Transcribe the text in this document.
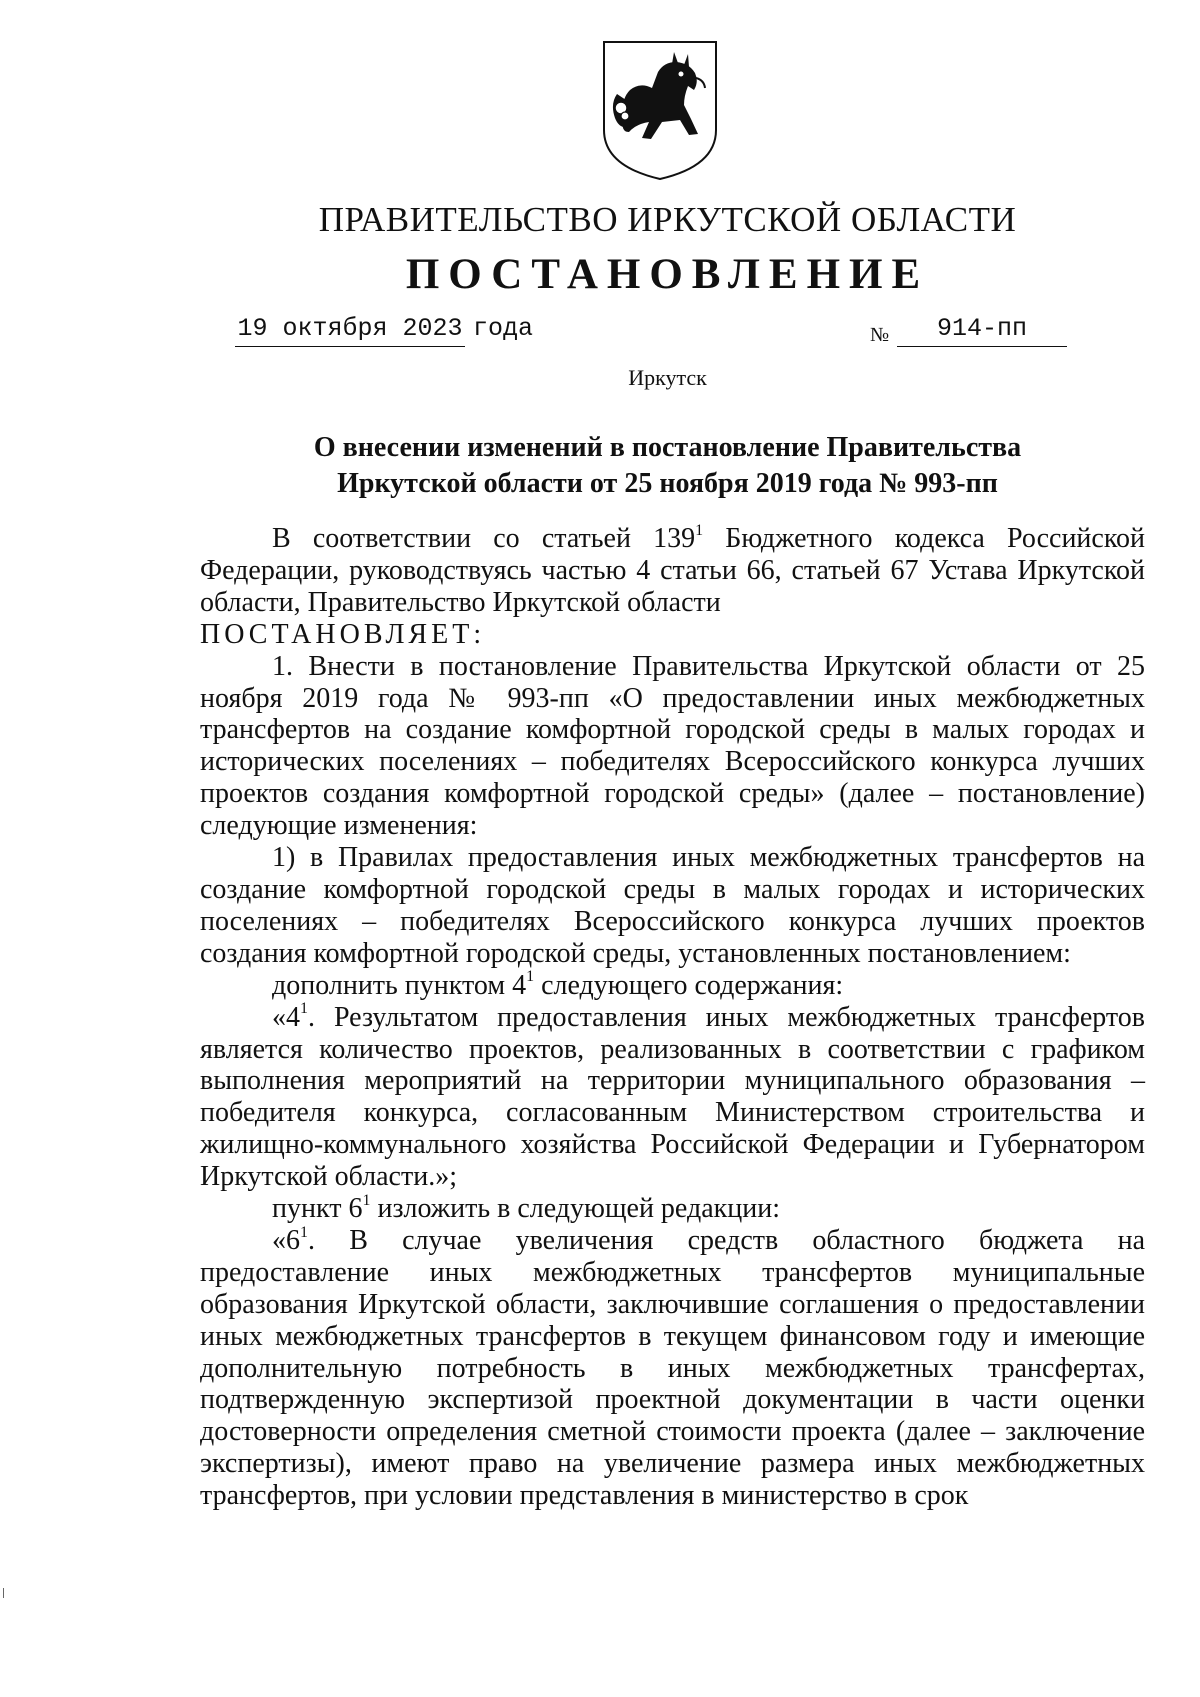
ПРАВИТЕЛЬСТВО ИРКУТСКОЙ ОБЛАСТИ
ПОСТАНОВЛЕНИЕ
19 октября 2023 года	№	914-пп
Иркутск
О внесении изменений в постановление Правительства
Иркутской области от 25 ноября 2019 года № 993-пп

В соответствии со статьей $139^1$ Бюджетного кодекса Российской Федерации, руководствуясь частью 4 статьи 66, статьей 67 Устава Иркутской области, Правительство Иркутской области

ПОСТАНОВЛЯЕТ:

1. Внести в постановление Правительства Иркутской области от 25 ноября 2019 года № 993-пп «О предоставлении иных межбюджетных трансфертов на создание комфортной городской среды в малых городах и исторических поселениях – победителях Всероссийского конкурса лучших проектов создания комфортной городской среды» (далее – постановление) следующие изменения:

1) в Правилах предоставления иных межбюджетных трансфертов на создание комфортной городской среды в малых городах и исторических поселениях – победителях Всероссийского конкурса лучших проектов создания комфортной городской среды, установленных постановлением:

дополнить пунктом $4^1$ следующего содержания:

«$4^1$. Результатом предоставления иных межбюджетных трансфертов является количество проектов, реализованных в соответствии с графиком выполнения мероприятий на территории муниципального образования – победителя конкурса, согласованным Министерством строительства и жилищно-коммунального хозяйства Российской Федерации и Губернатором Иркутской области.»;

пункт $6^1$ изложить в следующей редакции:

«$6^1$. В случае увеличения средств областного бюджета на предоставление иных межбюджетных трансфертов муниципальные образования Иркутской области, заключившие соглашения о предоставлении иных межбюджетных трансфертов в текущем финансовом году и имеющие дополнительную потребность в иных межбюджетных трансфертах, подтвержденную экспертизой проектной документации в части оценки достоверности определения сметной стоимости проекта (далее – заключение экспертизы), имеют право на увеличение размера иных межбюджетных трансфертов, при условии представления в министерство в срок
